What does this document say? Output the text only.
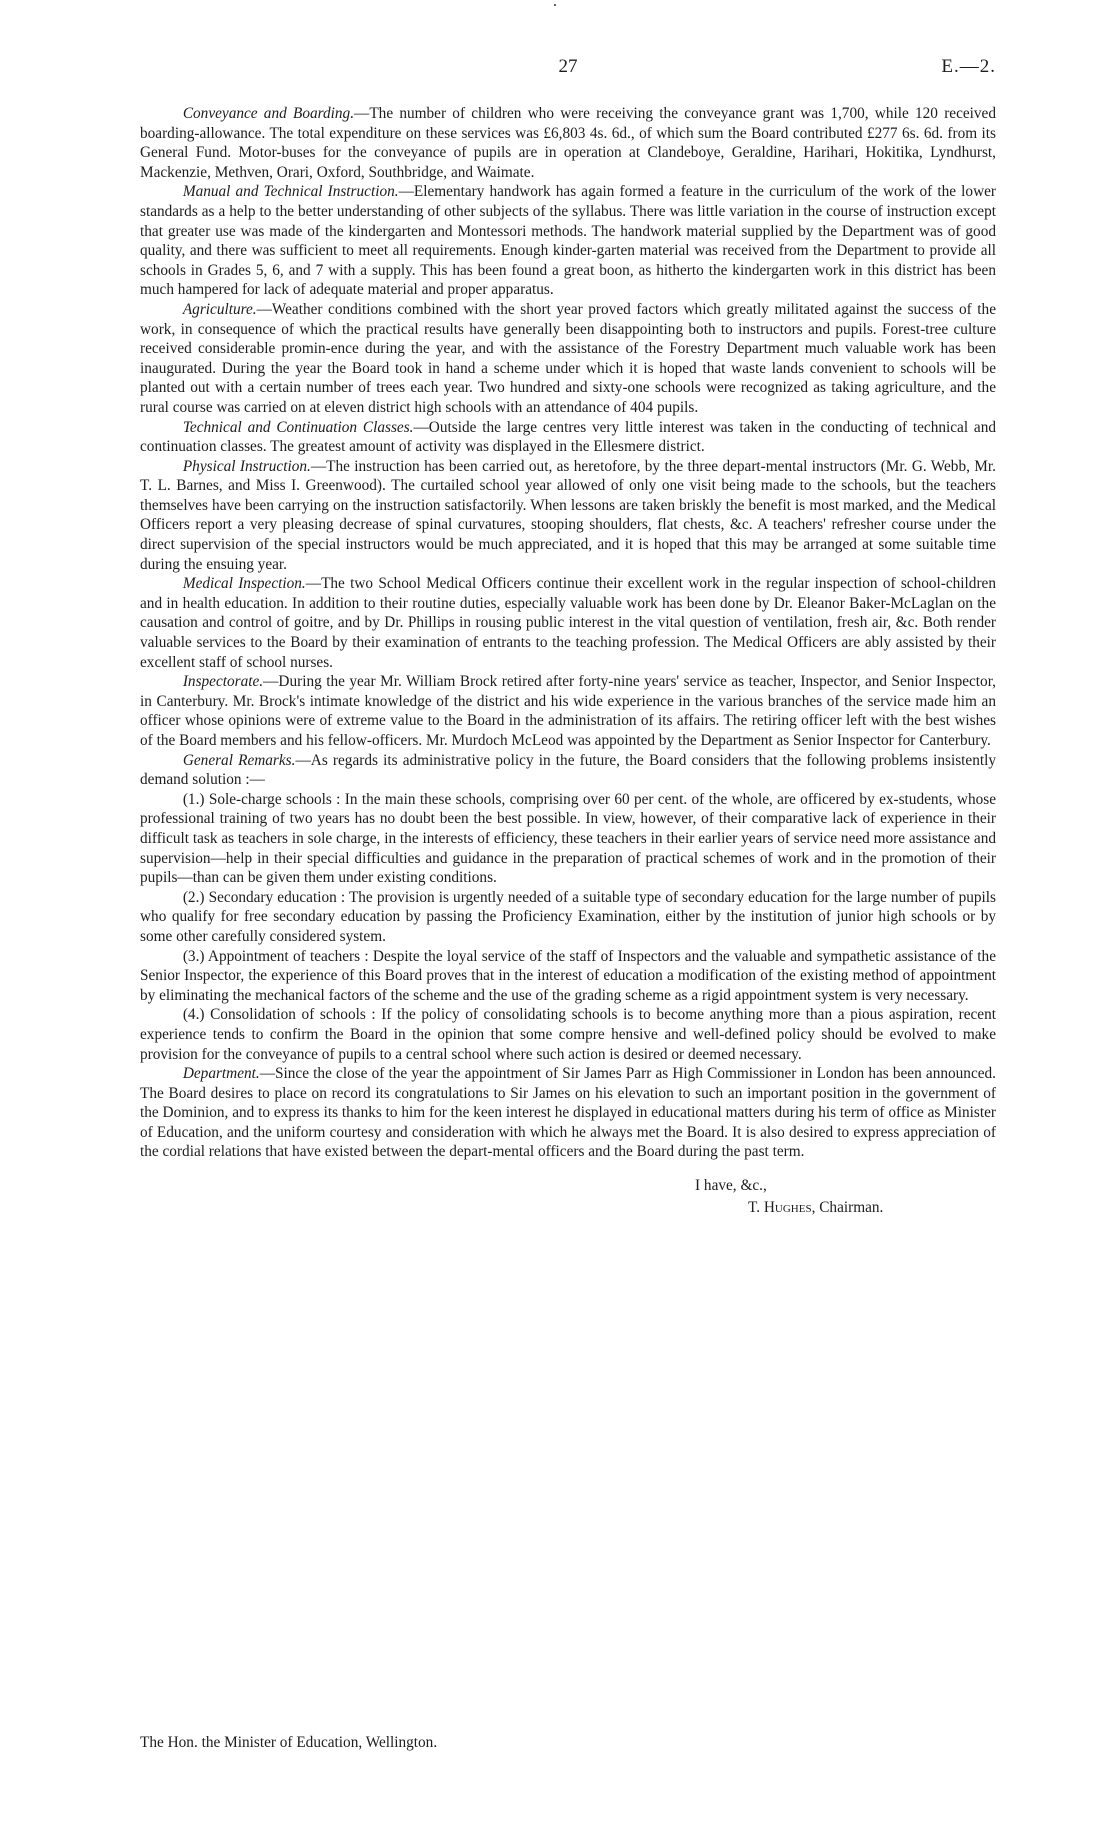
27	E.—2.

Conveyance and Boarding.—The number of children who were receiving the conveyance grant was 1,700, while 120 received boarding-allowance. The total expenditure on these services was £6,803 4s. 6d., of which sum the Board contributed £277 6s. 6d. from its General Fund. Motor-buses for the conveyance of pupils are in operation at Clandeboye, Geraldine, Harihari, Hokitika, Lyndhurst, Mackenzie, Methven, Orari, Oxford, Southbridge, and Waimate.

Manual and Technical Instruction.—Elementary handwork has again formed a feature in the curriculum of the work of the lower standards as a help to the better understanding of other subjects of the syllabus. There was little variation in the course of instruction except that greater use was made of the kindergarten and Montessori methods. The handwork material supplied by the Department was of good quality, and there was sufficient to meet all requirements. Enough kinder-garten material was received from the Department to provide all schools in Grades 5, 6, and 7 with a supply. This has been found a great boon, as hitherto the kindergarten work in this district has been much hampered for lack of adequate material and proper apparatus.

Agriculture.—Weather conditions combined with the short year proved factors which greatly militated against the success of the work, in consequence of which the practical results have generally been disappointing both to instructors and pupils. Forest-tree culture received considerable promin-ence during the year, and with the assistance of the Forestry Department much valuable work has been inaugurated. During the year the Board took in hand a scheme under which it is hoped that waste lands convenient to schools will be planted out with a certain number of trees each year. Two hundred and sixty-one schools were recognized as taking agriculture, and the rural course was carried on at eleven district high schools with an attendance of 404 pupils.

Technical and Continuation Classes.—Outside the large centres very little interest was taken in the conducting of technical and continuation classes. The greatest amount of activity was displayed in the Ellesmere district.

Physical Instruction.—The instruction has been carried out, as heretofore, by the three depart-mental instructors (Mr. G. Webb, Mr. T. L. Barnes, and Miss I. Greenwood). The curtailed school year allowed of only one visit being made to the schools, but the teachers themselves have been carrying on the instruction satisfactorily. When lessons are taken briskly the benefit is most marked, and the Medical Officers report a very pleasing decrease of spinal curvatures, stooping shoulders, flat chests, &c. A teachers' refresher course under the direct supervision of the special instructors would be much appreciated, and it is hoped that this may be arranged at some suitable time during the ensuing year.

Medical Inspection.—The two School Medical Officers continue their excellent work in the regular inspection of school-children and in health education. In addition to their routine duties, especially valuable work has been done by Dr. Eleanor Baker-McLaglan on the causation and control of goitre, and by Dr. Phillips in rousing public interest in the vital question of ventilation, fresh air, &c. Both render valuable services to the Board by their examination of entrants to the teaching profession. The Medical Officers are ably assisted by their excellent staff of school nurses.

Inspectorate.—During the year Mr. William Brock retired after forty-nine years' service as teacher, Inspector, and Senior Inspector, in Canterbury. Mr. Brock's intimate knowledge of the district and his wide experience in the various branches of the service made him an officer whose opinions were of extreme value to the Board in the administration of its affairs. The retiring officer left with the best wishes of the Board members and his fellow-officers. Mr. Murdoch McLeod was appointed by the Department as Senior Inspector for Canterbury.

General Remarks.—As regards its administrative policy in the future, the Board considers that the following problems insistently demand solution :—

(1.) Sole-charge schools : In the main these schools, comprising over 60 per cent. of the whole, are officered by ex-students, whose professional training of two years has no doubt been the best possible. In view, however, of their comparative lack of experience in their difficult task as teachers in sole charge, in the interests of efficiency, these teachers in their earlier years of service need more assistance and supervision—help in their special difficulties and guidance in the preparation of practical schemes of work and in the promotion of their pupils—than can be given them under existing conditions.

(2.) Secondary education : The provision is urgently needed of a suitable type of secondary education for the large number of pupils who qualify for free secondary education by passing the Proficiency Examination, either by the institution of junior high schools or by some other carefully considered system.

(3.) Appointment of teachers : Despite the loyal service of the staff of Inspectors and the valuable and sympathetic assistance of the Senior Inspector, the experience of this Board proves that in the interest of education a modification of the existing method of appointment by eliminating the mechanical factors of the scheme and the use of the grading scheme as a rigid appointment system is very necessary.

(4.) Consolidation of schools : If the policy of consolidating schools is to become anything more than a pious aspiration, recent experience tends to confirm the Board in the opinion that some compre hensive and well-defined policy should be evolved to make provision for the conveyance of pupils to a central school where such action is desired or deemed necessary.

Department.—Since the close of the year the appointment of Sir James Parr as High Commissioner in London has been announced. The Board desires to place on record its congratulations to Sir James on his elevation to such an important position in the government of the Dominion, and to express its thanks to him for the keen interest he displayed in educational matters during his term of office as Minister of Education, and the uniform courtesy and consideration with which he always met the Board. It is also desired to express appreciation of the cordial relations that have existed between the depart-mental officers and the Board during the past term.

I have, &c.,
T. Hughes, Chairman.
The Hon. the Minister of Education, Wellington.
